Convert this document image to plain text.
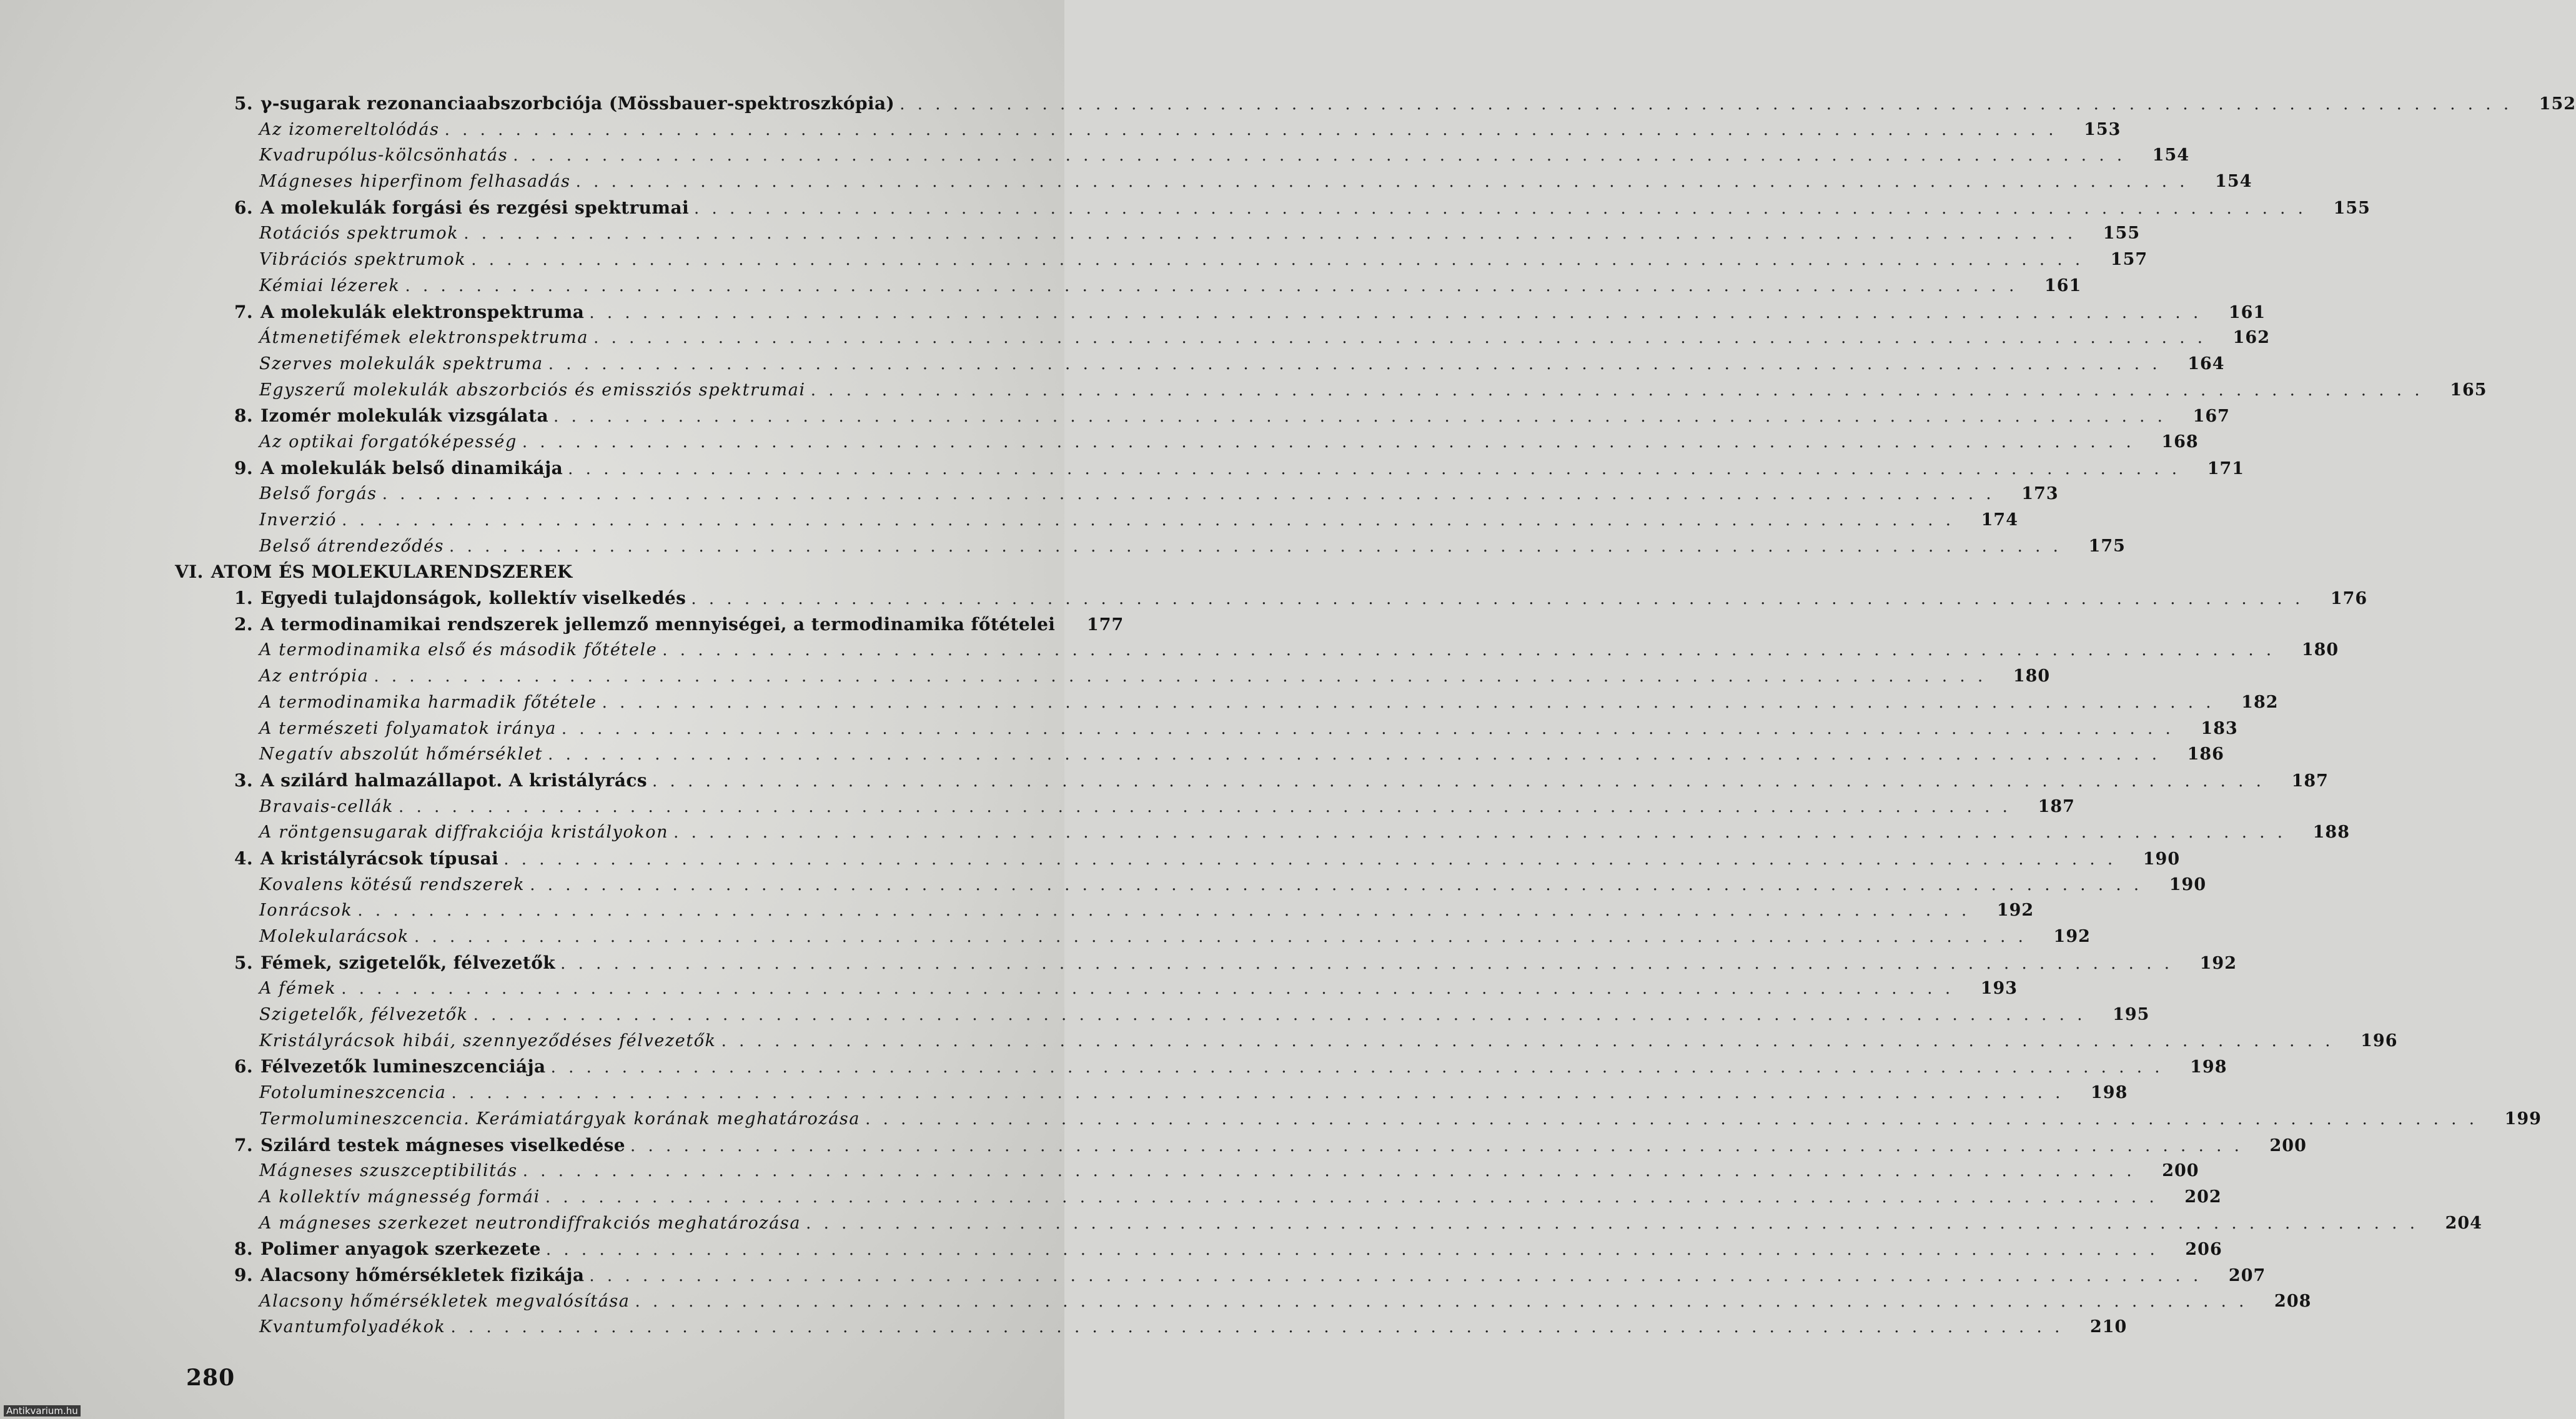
5. γ-sugarak rezonanciaabszorbciója (Mössbauer-spektroszkópia) . . .	152
Az izomereltolódás . . .	153
Kvadrupólus-kölcsönhatás . . .	154
Mágneses hiperfinom felhasadás . . .	154
6. A molekulák forgási és rezgési spektrumai . . .	155
Rotációs spektrumok . . .	155
Vibrációs spektrumok . . .	157
Kémiai lézerek . . .	161
7. A molekulák elektronspektruma . . .	161
Átmenetifémek elektronspektruma . . .	162
Szerves molekulák spektruma . . .	164
Egyszerű molekulák abszorbciós és emissziós spektrumai . . .	165
8. Izomér molekulák vizsgálata . . .	167
Az optikai forgatóképesség . . .	168
9. A molekulák belső dinamikája . . .	171
Belső forgás . . .	173
Inverzió . . .	174
Belső átrendeződés . . .	175
VI. ATOM ÉS MOLEKULARENDSZEREK
1. Egyedi tulajdonságok, kollektív viselkedés . . .	176
2. A termodinamikai rendszerek jellemző mennyiségei, a termodinamika főtételei	177
A termodinamika első és második főtétele . . .	180
Az entrópia . . .	180
A termodinamika harmadik főtétele . . .	182
A természeti folyamatok iránya . . .	183
Negatív abszolút hőmérséklet . . .	186
3. A szilárd halmazállapot. A kristályrács . . .	187
Bravais-cellák . . .	187
A röntgensugarak diffrakciója kristályokon . . .	188
4. A kristályrácsok típusai . . .	190
Kovalens kötésű rendszerek . . .	190
Ionrácsok . . .	192
Molekularácsok . . .	192
5. Fémek, szigetelők, félvezetők . . .	192
A fémek . . .	193
Szigetelők, félvezetők . . .	195
Kristályrácsok hibái, szennyeződéses félvezetők . . .	196
6. Félvezetők lumineszcenciája . . .	198
Fotolumineszcencia . . .	198
Termolumineszcencia. Kerámiatárgyak korának meghatározása . . .	199
7. Szilárd testek mágneses viselkedése . . .	200
Mágneses szuszceptibilitás . . .	200
A kollektív mágnesség formái . . .	202
A mágneses szerkezet neutrondiffrakciós meghatározása . . .	204
8. Polimer anyagok szerkezete . . .	206
9. Alacsony hőmérsékletek fizikája . . .	207
Alacsony hőmérsékletek megvalósítása . . .	208
Kvantumfolyadékok . . .	210
280
Antikvarium.hu
